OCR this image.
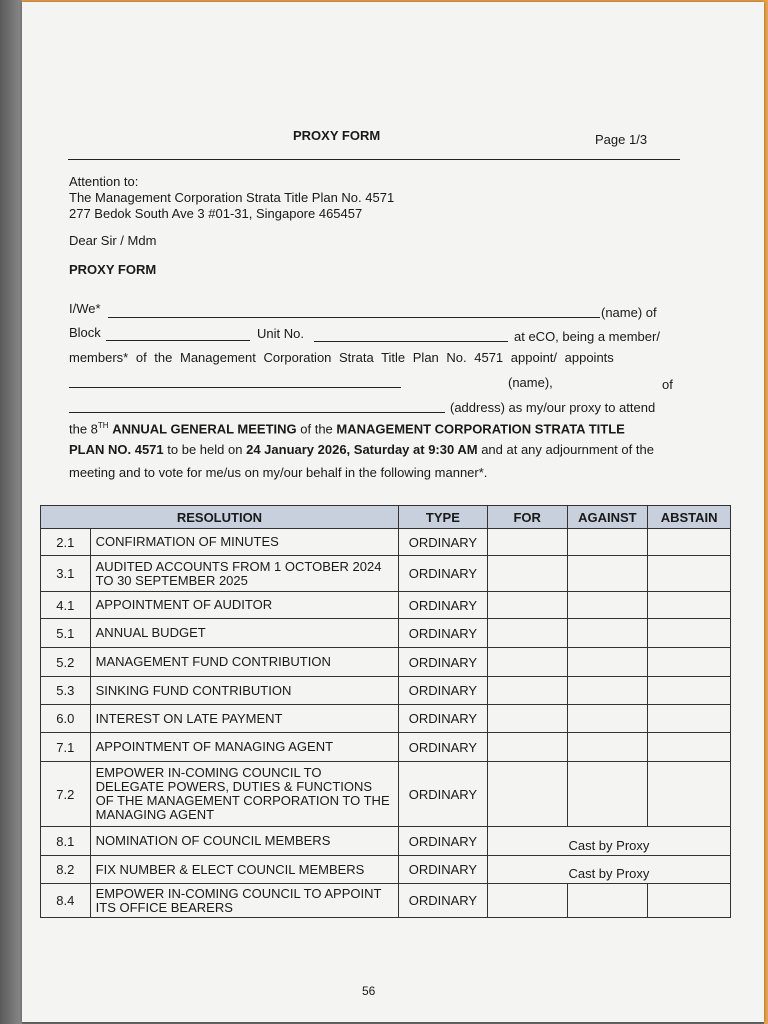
PROXY FORM	Page 1/3
Attention to:
The Management Corporation Strata Title Plan No. 4571
277 Bedok South Ave 3 #01-31, Singapore 465457
Dear Sir / Mdm
PROXY FORM
I/We*	(name) of
Block	Unit No.	at eCO, being a member/
members* of the Management Corporation Strata Title Plan No. 4571 appoint/ appoints
(name),	of
(address) as my/our proxy to attend
the 8TH ANNUAL GENERAL MEETING of the MANAGEMENT CORPORATION STRATA TITLE
PLAN NO. 4571 to be held on 24 January 2026, Saturday at 9:30 AM and at any adjournment of the
meeting and to vote for me/us on my/our behalf in the following manner*.
RESOLUTION		TYPE	FOR	AGAINST	ABSTAIN
2.1	CONFIRMATION OF MINUTES	ORDINARY			
3.1	AUDITED ACCOUNTS FROM 1 OCTOBER 2024 TO 30 SEPTEMBER 2025	ORDINARY			
4.1	APPOINTMENT OF AUDITOR	ORDINARY			
5.1	ANNUAL BUDGET	ORDINARY			
5.2	MANAGEMENT FUND CONTRIBUTION	ORDINARY			
5.3	SINKING FUND CONTRIBUTION	ORDINARY			
6.0	INTEREST ON LATE PAYMENT	ORDINARY			
7.1	APPOINTMENT OF MANAGING AGENT	ORDINARY			
7.2	EMPOWER IN-COMING COUNCIL TO DELEGATE POWERS, DUTIES & FUNCTIONS OF THE MANAGEMENT CORPORATION TO THE MANAGING AGENT	ORDINARY			
8.1	NOMINATION OF COUNCIL MEMBERS	ORDINARY	Cast by Proxy		
8.2	FIX NUMBER & ELECT COUNCIL MEMBERS	ORDINARY	Cast by Proxy		
8.4	EMPOWER IN-COMING COUNCIL TO APPOINT ITS OFFICE BEARERS	ORDINARY			
56
